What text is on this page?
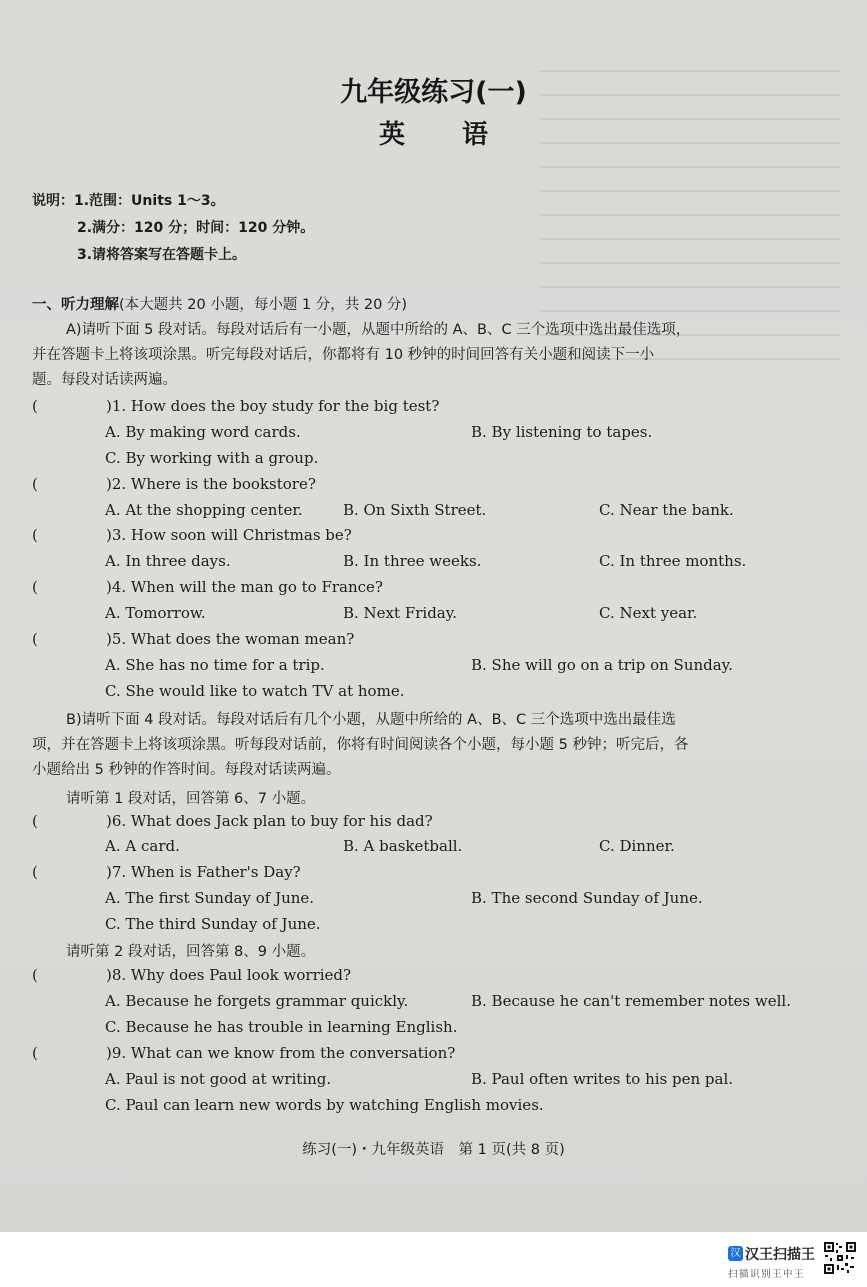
九年级练习(一)
英 语
说明：1.范围：Units 1～3。
2.满分：120 分；时间：120 分钟。
3.请将答案写在答题卡上。
一、听力理解(本大题共 20 小题，每小题 1 分，共 20 分)

A)请听下面 5 段对话。每段对话后有一小题，从题中所给的 A、B、C 三个选项中选出最佳选项，

并在答题卡上将该项涂黑。听完每段对话后，你都将有 10 秒钟的时间回答有关小题和阅读下一小

题。每段对话读两遍。

(	)1. How does the boy study for the big test?
A. By making word cards.	B. By listening to tapes.
C. By working with a group.
(	)2. Where is the bookstore?
A. At the shopping center.	B. On Sixth Street.	C. Near the bank.
(	)3. How soon will Christmas be?
A. In three days.	B. In three weeks.	C. In three months.
(	)4. When will the man go to France?
A. Tomorrow.	B. Next Friday.	C. Next year.
(	)5. What does the woman mean?
A. She has no time for a trip.	B. She will go on a trip on Sunday.
C. She would like to watch TV at home.

B)请听下面 4 段对话。每段对话后有几个小题，从题中所给的 A、B、C 三个选项中选出最佳选

项，并在答题卡上将该项涂黑。听每段对话前，你将有时间阅读各个小题，每小题 5 秒钟；听完后，各

小题给出 5 秒钟的作答时间。每段对话读两遍。

请听第 1 段对话，回答第 6、7 小题。
(	)6. What does Jack plan to buy for his dad?
A. A card.	B. A basketball.	C. Dinner.
(	)7. When is Father's Day?
A. The first Sunday of June.	B. The second Sunday of June.
C. The third Sunday of June.
请听第 2 段对话，回答第 8、9 小题。
(	)8. Why does Paul look worried?
A. Because he forgets grammar quickly.	B. Because he can't remember notes well.
C. Because he has trouble in learning English.
(	)9. What can we know from the conversation?
A. Paul is not good at writing.	B. Paul often writes to his pen pal.
C. Paul can learn new words by watching English movies.
练习(一)・九年级英语　第 1 页(共 8 页)
汉 汉王扫描王
扫描识别王中王
